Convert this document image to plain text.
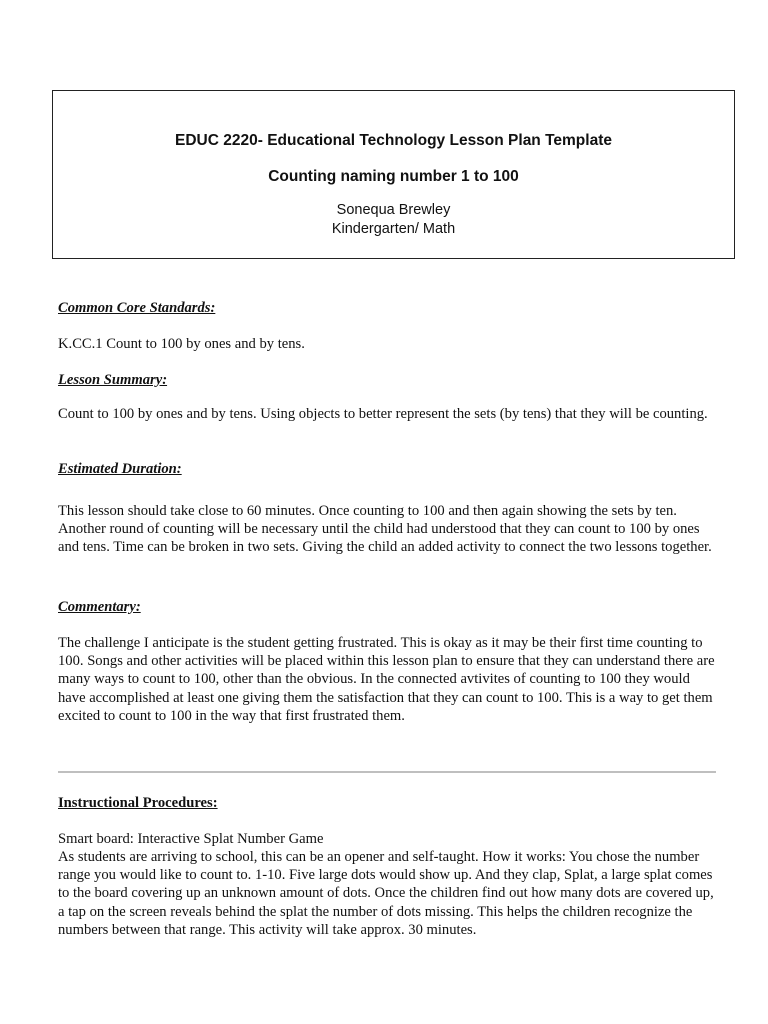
EDUC 2220- Educational Technology Lesson Plan Template

Counting naming number 1 to 100

Sonequa Brewley
Kindergarten/ Math

Common Core Standards:

K.CC.1 Count to 100 by ones and by tens.

Lesson Summary:

Count to 100 by ones and by tens. Using objects to better represent the sets (by tens) that they will be counting.

Estimated Duration:

This lesson should take close to 60 minutes. Once counting to 100 and then again showing the sets by ten. Another round of counting will be necessary until the child had understood that they can count to 100 by ones and tens. Time can be broken in two sets. Giving the child an added activity to connect the two lessons together.

Commentary:

The challenge I anticipate is the student getting frustrated. This is okay as it may be their first time counting to 100. Songs and other activities will be placed within this lesson plan to ensure that they can understand there are many ways to count to 100, other than the obvious. In the connected avtivites of counting to 100 they would have accomplished at least one giving them the satisfaction that they can count to 100. This is a way to get them excited to count to 100 in the way that first frustrated them.

Instructional Procedures:

Smart board: Interactive Splat Number Game

As students are arriving to school, this can be an opener and self-taught. How it works: You chose the number range you would like to count to. 1-10. Five large dots would show up. And they clap, Splat, a large splat comes to the board covering up an unknown amount of dots. Once the children find out how many dots are covered up, a tap on the screen reveals behind the splat the number of dots missing. This helps the children recognize the numbers between that range. This activity will take approx. 30 minutes.
